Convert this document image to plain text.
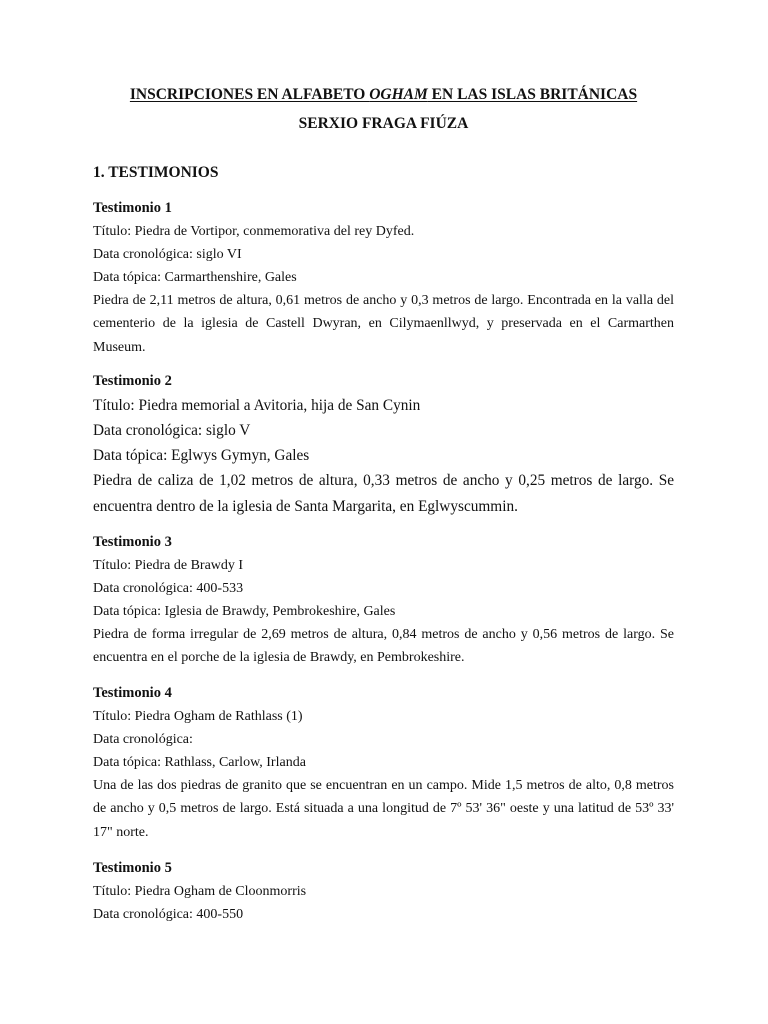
INSCRIPCIONES EN ALFABETO OGHAM EN LAS ISLAS BRITÁNICAS
SERXIO FRAGA FIÚZA
1. TESTIMONIOS
Testimonio 1
Título: Piedra de Vortipor, conmemorativa del rey Dyfed.
Data cronológica: siglo VI
Data tópica: Carmarthenshire, Gales
Piedra de 2,11 metros de altura, 0,61 metros de ancho y 0,3 metros de largo. Encontrada en la valla del cementerio de la iglesia de Castell Dwyran, en Cilymaenllwyd, y preservada en el Carmarthen Museum.
Testimonio 2
Título: Piedra memorial a Avitoria, hija de San Cynin
Data cronológica: siglo V
Data tópica: Eglwys Gymyn, Gales
Piedra de caliza de 1,02 metros de altura, 0,33 metros de ancho y 0,25 metros de largo. Se encuentra dentro de la iglesia de Santa Margarita, en Eglwyscummin.
Testimonio 3
Título: Piedra de Brawdy I
Data cronológica: 400-533
Data tópica: Iglesia de Brawdy, Pembrokeshire, Gales
Piedra de forma irregular de 2,69 metros de altura, 0,84 metros de ancho y 0,56 metros de largo. Se encuentra en el porche de la iglesia de Brawdy, en Pembrokeshire.
Testimonio 4
Título: Piedra Ogham de Rathlass (1)
Data cronológica:
Data tópica: Rathlass, Carlow, Irlanda
Una de las dos piedras de granito que se encuentran en un campo. Mide 1,5 metros de alto, 0,8 metros de ancho y 0,5 metros de largo. Está situada a una longitud de 7º 53' 36" oeste y una latitud de 53º 33' 17" norte.
Testimonio 5
Título: Piedra Ogham de Cloonmorris
Data cronológica: 400-550
